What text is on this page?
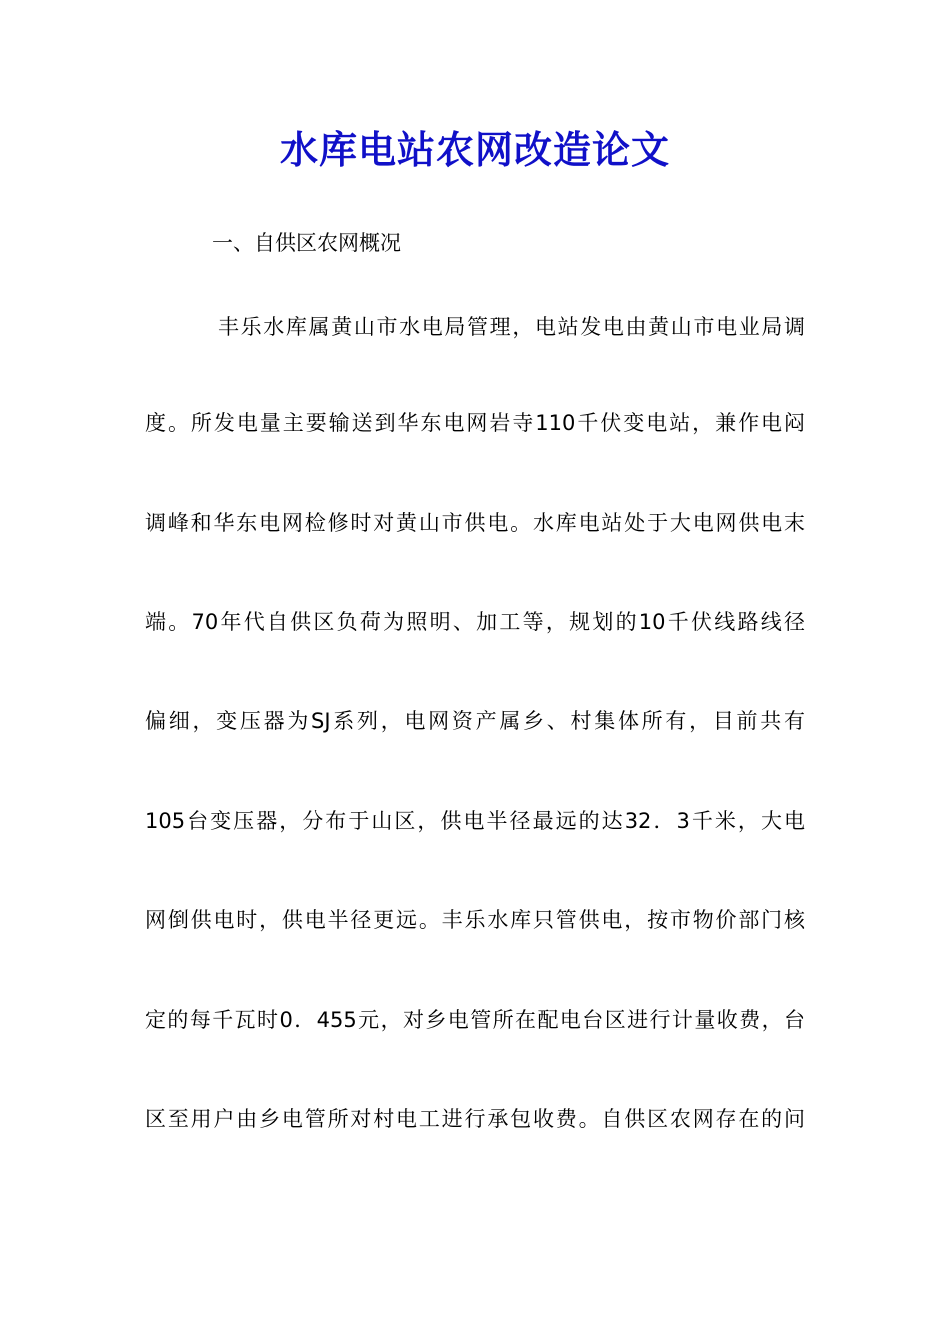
水库电站农网改造论文

一、自供区农网概况

丰乐水库属黄山市水电局管理，电站发电由黄山市电业局调

度。所发电量主要输送到华东电网岩寺110千伏变电站，兼作电闷

调峰和华东电网检修时对黄山市供电。水库电站处于大电网供电末

端。70年代自供区负荷为照明、加工等，规划的10千伏线路线径

偏细，变压器为SJ系列，电网资产属乡、村集体所有，目前共有

105台变压器，分布于山区，供电半径最远的达32．3千米，大电

网倒供电时，供电半径更远。丰乐水库只管供电，按市物价部门核

定的每千瓦时0．455元，对乡电管所在配电台区进行计量收费，台

区至用户由乡电管所对村电工进行承包收费。自供区农网存在的问
